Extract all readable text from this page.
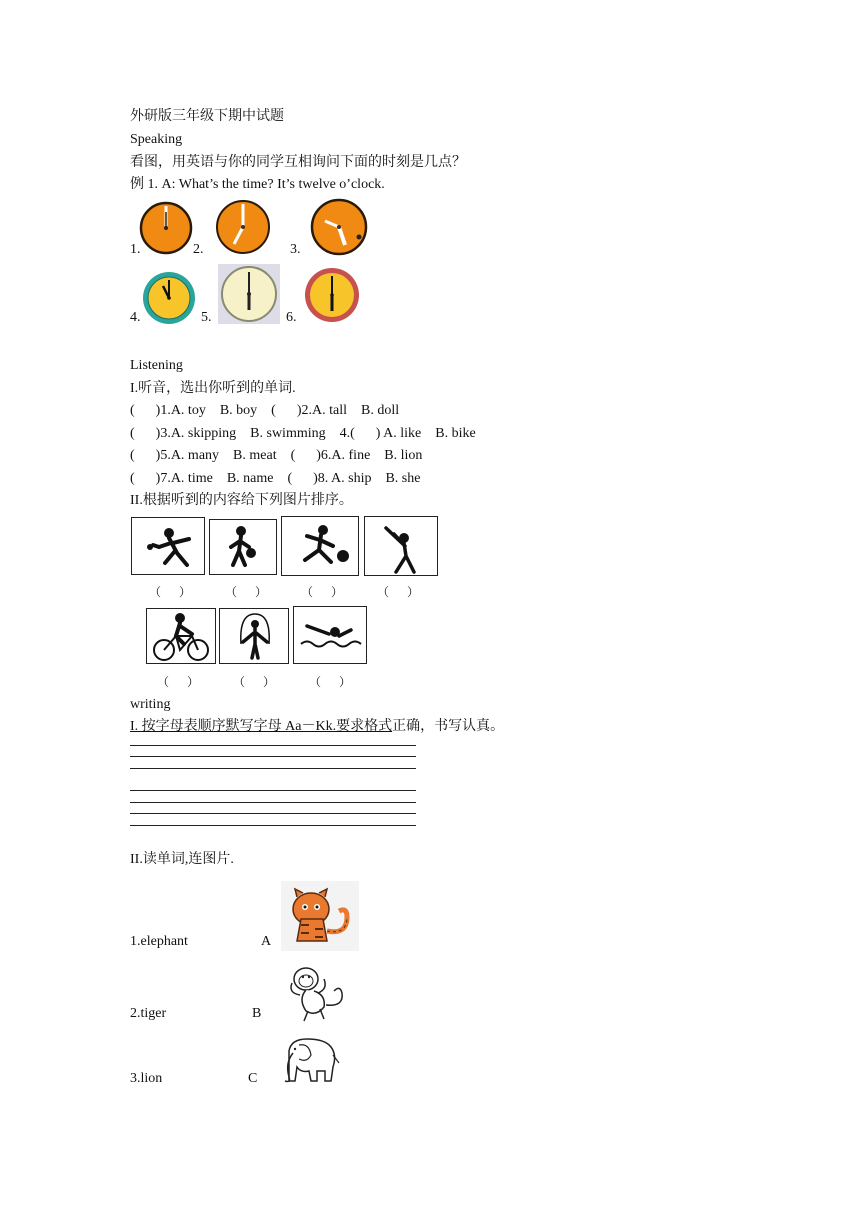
外研版三年级下期中试题
Speaking
看图，用英语与你的同学互相询问下面的时刻是几点？
例 1. A: What’s the time? It’s twelve o’clock.
1.	2.	3.
4.	5.	6.
Listening
I.听音，选出你听到的单词.
(      )1.A. toy    B. boy    (      )2.A. tall    B. doll
(      )3.A. skipping    B. swimming    4.(      ) A. like    B. bike
(      )5.A. many    B. meat    (      )6.A. fine    B. lion
(      )7.A. time    B. name    (      )8. A. ship    B. she
II.根据听到的内容给下列图片排序。
（      ）	（      ）	（      ）	（      ）
（      ）	（      ）	（      ）
writing
I. 按字母表顺序默写字母 Aa－Kk.要求格式正确，书写认真。
II.读单词,连图片.
1.elephant	A
2.tiger	B
3.lion	C
